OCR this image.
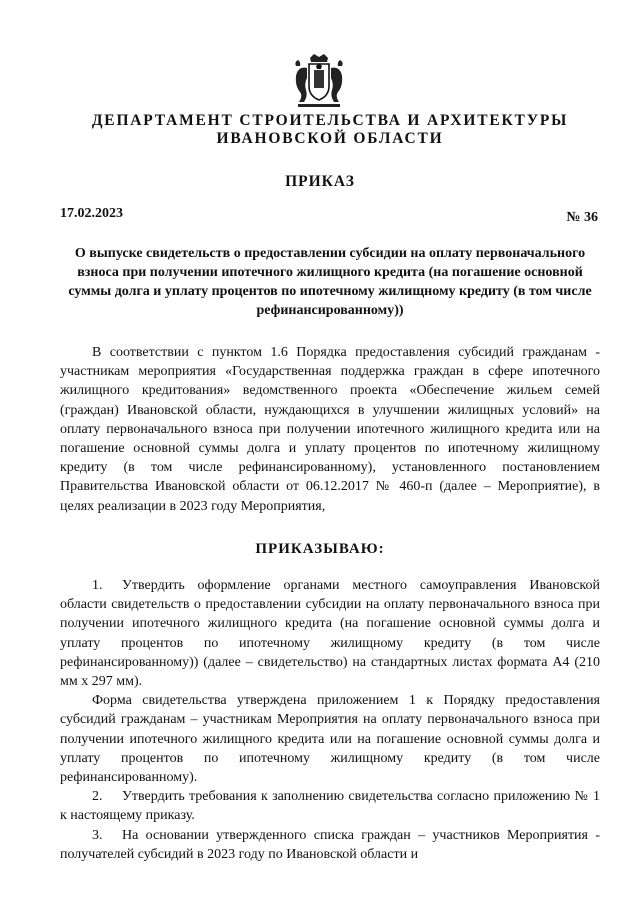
ДЕПАРТАМЕНТ СТРОИТЕЛЬСТВА И АРХИТЕКТУРЫ
ИВАНОВСКОЙ ОБЛАСТИ
ПРИКАЗ
17.02.2023	№ 36
О выпуске свидетельств о предоставлении субсидии на оплату первоначального взноса при получении ипотечного жилищного кредита (на погашение основной суммы долга и уплату процентов по ипотечному жилищному кредиту (в том числе рефинансированному))

В соответствии с пунктом 1.6 Порядка предоставления субсидий гражданам - участникам мероприятия «Государственная поддержка граждан в сфере ипотечного жилищного кредитования» ведомственного проекта «Обеспечение жильем семей (граждан) Ивановской области, нуждающихся в улучшении жилищных условий» на оплату первоначального взноса при получении ипотечного жилищного кредита или на погашение основной суммы долга и уплату процентов по ипотечному жилищному кредиту (в том числе рефинансированному), установленного постановлением Правительства Ивановской области от 06.12.2017 № 460-п (далее – Мероприятие), в целях реализации в 2023 году Мероприятия,

ПРИКАЗЫВАЮ:

1. Утвердить оформление органами местного самоуправления Ивановской области свидетельств о предоставлении субсидии на оплату первоначального взноса при получении ипотечного жилищного кредита (на погашение основной суммы долга и уплату процентов по ипотечному жилищному кредиту (в том числе рефинансированному)) (далее – свидетельство) на стандартных листах формата А4 (210 мм х 297 мм).

Форма свидетельства утверждена приложением 1 к Порядку предоставления субсидий гражданам – участникам Мероприятия на оплату первоначального взноса при получении ипотечного жилищного кредита или на погашение основной суммы долга и уплату процентов по ипотечному жилищному кредиту (в том числе рефинансированному).

2. Утвердить требования к заполнению свидетельства согласно приложению № 1 к настоящему приказу.

3. На основании утвержденного списка граждан – участников Мероприятия - получателей субсидий в 2023 году по Ивановской области и
